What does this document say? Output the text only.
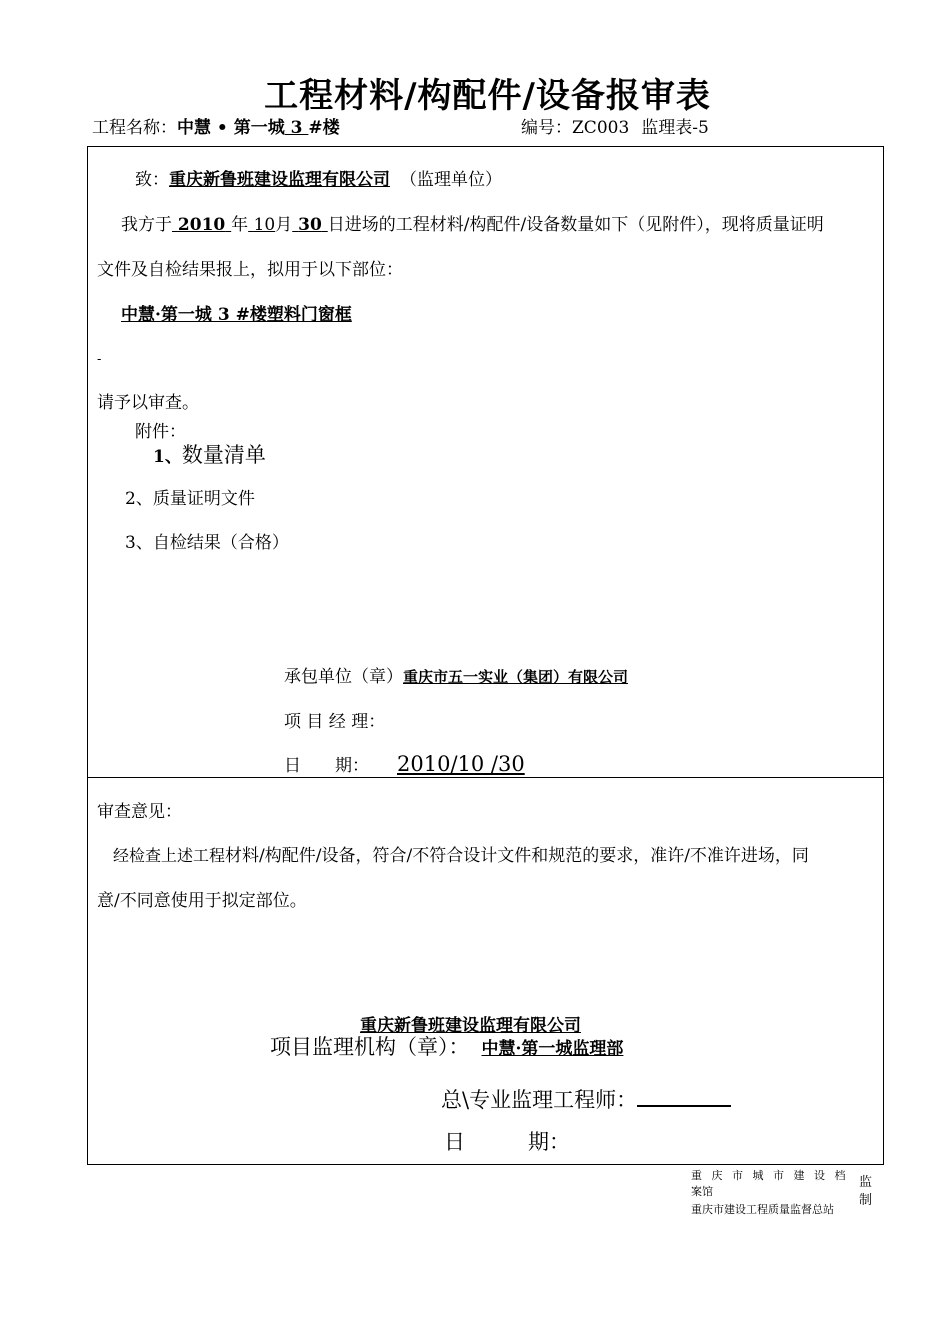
工程材料/构配件/设备报审表
工程名称：中慧 • 第一城 3 #楼	编号：ZC003 监理表-5
致：重庆新鲁班建设监理有限公司 （监理单位）
我方于 2010 年 10月 30 日进场的工程材料/构配件/设备数量如下（见附件），现将质量证明
文件及自检结果报上，拟用于以下部位：
中慧·第一城 3 #楼塑料门窗框
-
请予以审查。
附件：
1、数量清单
2、质量证明文件
3、自检结果（合格）
承包单位（章）重庆市五一实业（集团）有限公司
项 目 经 理：
日　　期： 2010/10 /30
审查意见：
经检查上述工程材料/构配件/设备，符合/不符合设计文件和规范的要求，准许/不准许进场，同
意/不同意使用于拟定部位。
重庆新鲁班建设监理有限公司
项目监理机构（章）： 中慧·第一城监理部
总\专业监理工程师：
日　　　期：
重 庆 市 城 市 建 设 档
案馆
重庆市建设工程质量监督总站
监
制
